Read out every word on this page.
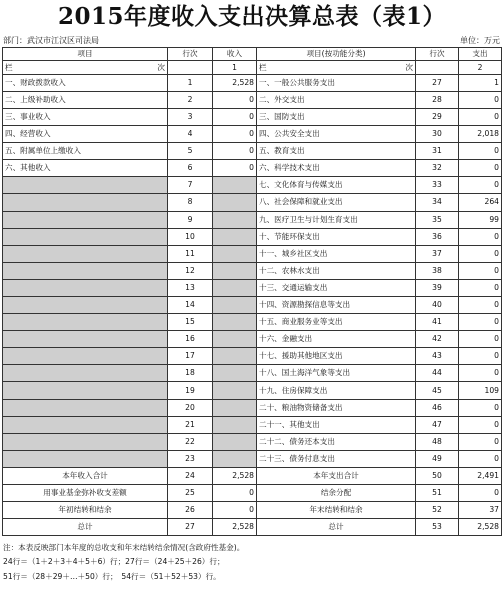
2015年度收入支出决算总表（表1）
部门：武汉市江汉区司法局	单位：万元
项目	行次	收入	项目(按功能分类)	行次	支出

栏 次		1	栏 次		2
一、财政拨款收入	1	2,528	一、一般公共服务支出	27	1
二、上级补助收入	2	0	二、外交支出	28	0
三、事业收入	3	0	三、国防支出	29	0
四、经营收入	4	0	四、公共安全支出	30	2,018
五、附属单位上缴收入	5	0	五、教育支出	31	0
六、其他收入	6	0	六、科学技术支出	32	0
	7		七、文化体育与传媒支出	33	0
	8		八、社会保障和就业支出	34	264
	9		九、医疗卫生与计划生育支出	35	99
	10		十、节能环保支出	36	0
	11		十一、城乡社区支出	37	0
	12		十二、农林水支出	38	0
	13		十三、交通运输支出	39	0
	14		十四、资源勘探信息等支出	40	0
	15		十五、商业服务业等支出	41	0
	16		十六、金融支出	42	0
	17		十七、援助其他地区支出	43	0
	18		十八、国土海洋气象等支出	44	0
	19		十九、住房保障支出	45	109
	20		二十、粮油物资储备支出	46	0
	21		二十一、其他支出	47	0
	22		二十二、债务还本支出	48	0
	23		二十三、债务付息支出	49	0
本年收入合计	24	2,528	本年支出合计	50	2,491
用事业基金弥补收支差额	25	0	结余分配	51	0
年初结转和结余	26	0	年末结转和结余	52	37
总计	27	2,528	总计	53	2,528
注：本表反映部门本年度的总收支和年末结转结余情况(含政府性基金)。
24行＝（1＋2＋3＋4＋5＋6）行；27行＝（24＋25＋26）行；
51行＝（28＋29＋…＋50）行；　54行＝（51＋52＋53）行。
